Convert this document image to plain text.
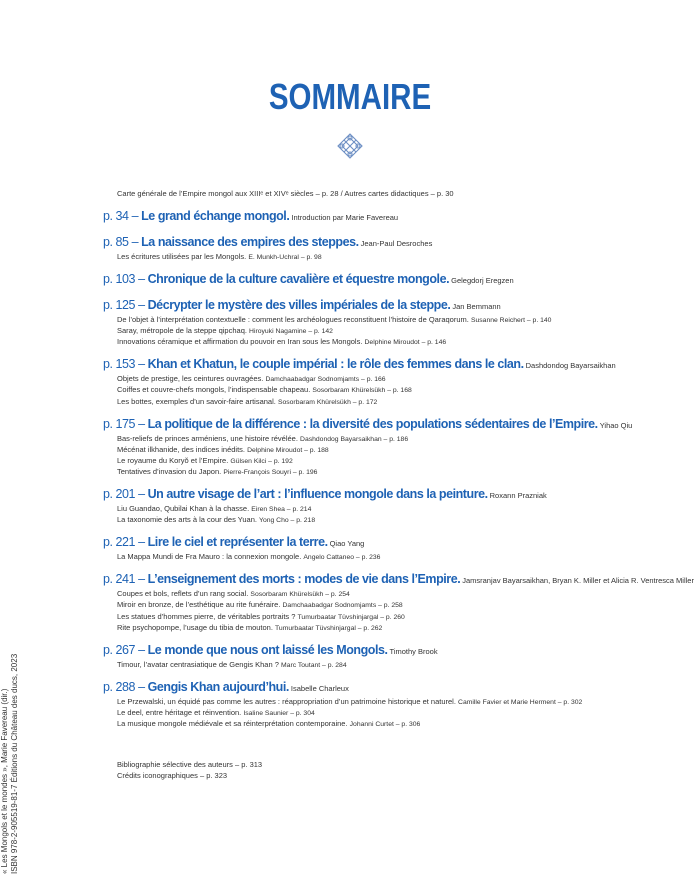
SOMMAIRE
Carte générale de l’Empire mongol aux XIIIᵉ et XIVᵉ siècles – p. 28 / Autres cartes didactiques – p. 30
p. 34 – Le grand échange mongol. Introduction par Marie Favereau
p. 85 – La naissance des empires des steppes. Jean-Paul Desroches
Les écritures utilisées par les Mongols. E. Munkh-Uchral – p. 98
p. 103 – Chronique de la culture cavalière et équestre mongole. Gelegdorj Eregzen
p. 125 – Décrypter le mystère des villes impériales de la steppe. Jan Bemmann
De l’objet à l’interprétation contextuelle : comment les archéologues reconstituent l’histoire de Qaraqorum. Susanne Reichert – p. 140
Saray, métropole de la steppe qipchaq. Hiroyuki Nagamine – p. 142
Innovations céramique et affirmation du pouvoir en Iran sous les Mongols. Delphine Miroudot – p. 146
p. 153 – Khan et Khatun, le couple impérial : le rôle des femmes dans le clan. Dashdondog Bayarsaikhan
Objets de prestige, les ceintures ouvragées. Damchaabadgar Sodnomjamts – p. 166
Coiffes et couvre-chefs mongols, l’indispensable chapeau. Sosorbaram Khürelsükh – p. 168
Les bottes, exemples d’un savoir-faire artisanal. Sosorbaram Khürelsükh – p. 172
p. 175 – La politique de la différence : la diversité des populations sédentaires de l’Empire. Yihao Qiu
Bas-reliefs de princes arméniens, une histoire révélée. Dashdondog Bayarsaikhan – p. 186
Mécénat ilkhanide, des indices inédits. Delphine Miroudot – p. 188
Le royaume du Koryŏ et l’Empire. Gülsen Kilci – p. 192
Tentatives d’invasion du Japon. Pierre-François Souyri – p. 196
p. 201 – Un autre visage de l’art : l’influence mongole dans la peinture. Roxann Prazniak
Liu Guandao, Qubilai Khan à la chasse. Eiren Shea – p. 214
La taxonomie des arts à la cour des Yuan. Yong Cho – p. 218
p. 221 – Lire le ciel et représenter la terre. Qiao Yang
La Mappa Mundi de Fra Mauro : la connexion mongole. Angelo Cattaneo – p. 236
p. 241 – L’enseignement des morts : modes de vie dans l’Empire. Jamsranjav Bayarsaikhan, Bryan K. Miller et Alicia R. Ventresca Miller
Coupes et bols, reflets d’un rang social. Sosorbaram Khürelsükh – p. 254
Miroir en bronze, de l’esthétique au rite funéraire. Damchaabadgar Sodnomjamts – p. 258
Les statues d’hommes pierre, de véritables portraits ? Tumurbaatar Tüvshinjargal – p. 260
Rite psychopompe, l’usage du tibia de mouton. Tumurbaatar Tüvshinjargal – p. 262
p. 267 – Le monde que nous ont laissé les Mongols. Timothy Brook
Timour, l’avatar centrasiatique de Gengis Khan ? Marc Toutant – p. 284
p. 288 – Gengis Khan aujourd’hui. Isabelle Charleux
Le Przewalski, un équidé pas comme les autres : réappropriation d’un patrimoine historique et naturel. Camille Favier et Marie Herment – p. 302
Le deel, entre héritage et réinvention. Isaline Saunier – p. 304
La musique mongole médiévale et sa réinterprétation contemporaine. Johanni Curtet – p. 306
Bibliographie sélective des auteurs – p. 313
Crédits iconographiques – p. 323
« Les Mongols et le mondes », Marie Favereau (dir.) ISBN 978-2-905519-81-7 Éditions du Château des ducs, 2023
